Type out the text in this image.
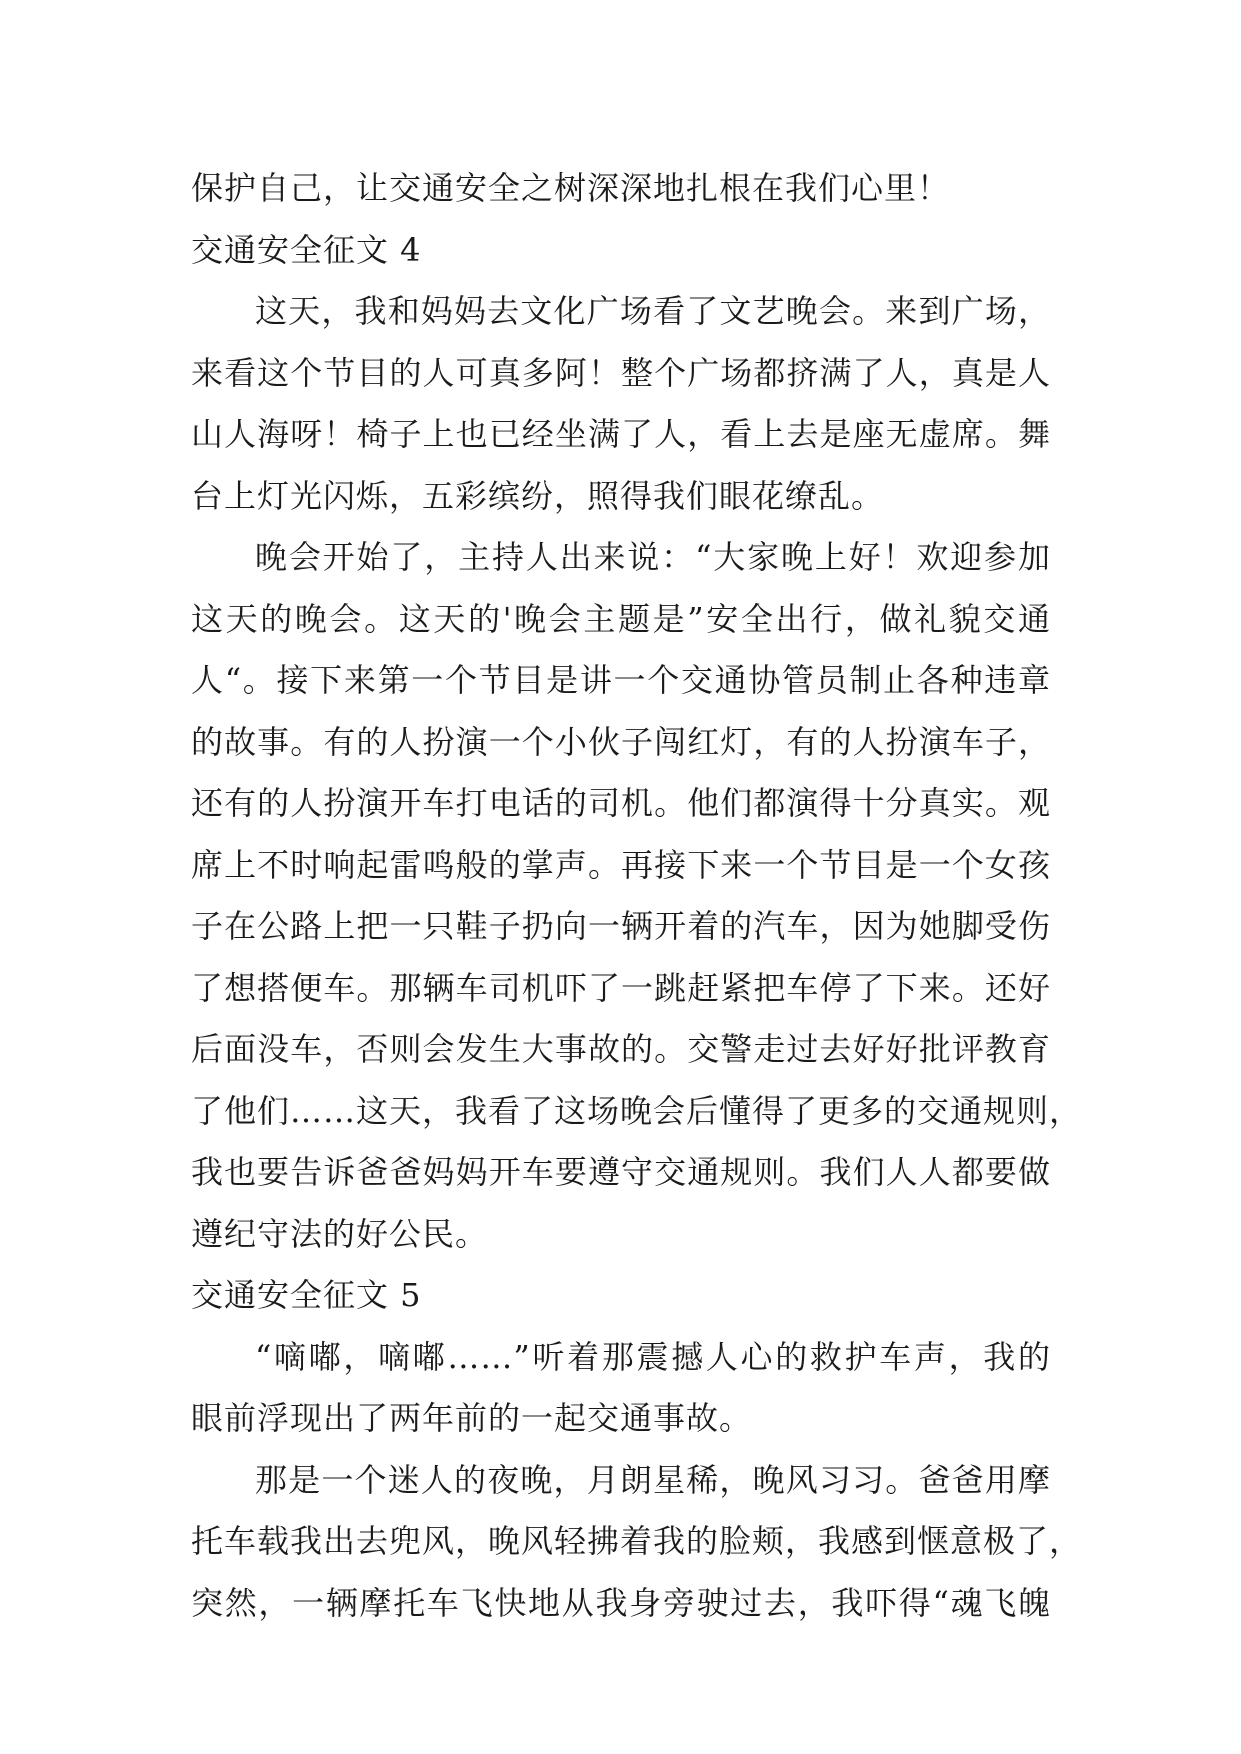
保护自己，让交通安全之树深深地扎根在我们心里！
交通安全征文 4
这天，我和妈妈去文化广场看了文艺晚会。来到广场，
来看这个节目的人可真多阿！整个广场都挤满了人，真是人
山人海呀！椅子上也已经坐满了人，看上去是座无虚席。舞
台上灯光闪烁，五彩缤纷，照得我们眼花缭乱。
晚会开始了，主持人出来说：“大家晚上好！欢迎参加
这天的晚会。这天的'晚会主题是”安全出行，做礼貌交通
人“。接下来第一个节目是讲一个交通协管员制止各种违章
的故事。有的人扮演一个小伙子闯红灯，有的人扮演车子，
还有的人扮演开车打电话的司机。他们都演得十分真实。观
席上不时响起雷鸣般的掌声。再接下来一个节目是一个女孩
子在公路上把一只鞋子扔向一辆开着的汽车，因为她脚受伤
了想搭便车。那辆车司机吓了一跳赶紧把车停了下来。还好
后面没车，否则会发生大事故的。交警走过去好好批评教育
了他们……这天，我看了这场晚会后懂得了更多的交通规则，
我也要告诉爸爸妈妈开车要遵守交通规则。我们人人都要做
遵纪守法的好公民。
交通安全征文 5
“嘀嘟，嘀嘟……”听着那震撼人心的救护车声，我的
眼前浮现出了两年前的一起交通事故。
那是一个迷人的夜晚，月朗星稀，晚风习习。爸爸用摩
托车载我出去兜风，晚风轻拂着我的脸颊，我感到惬意极了，
突然，一辆摩托车飞快地从我身旁驶过去，我吓得“魂飞魄
